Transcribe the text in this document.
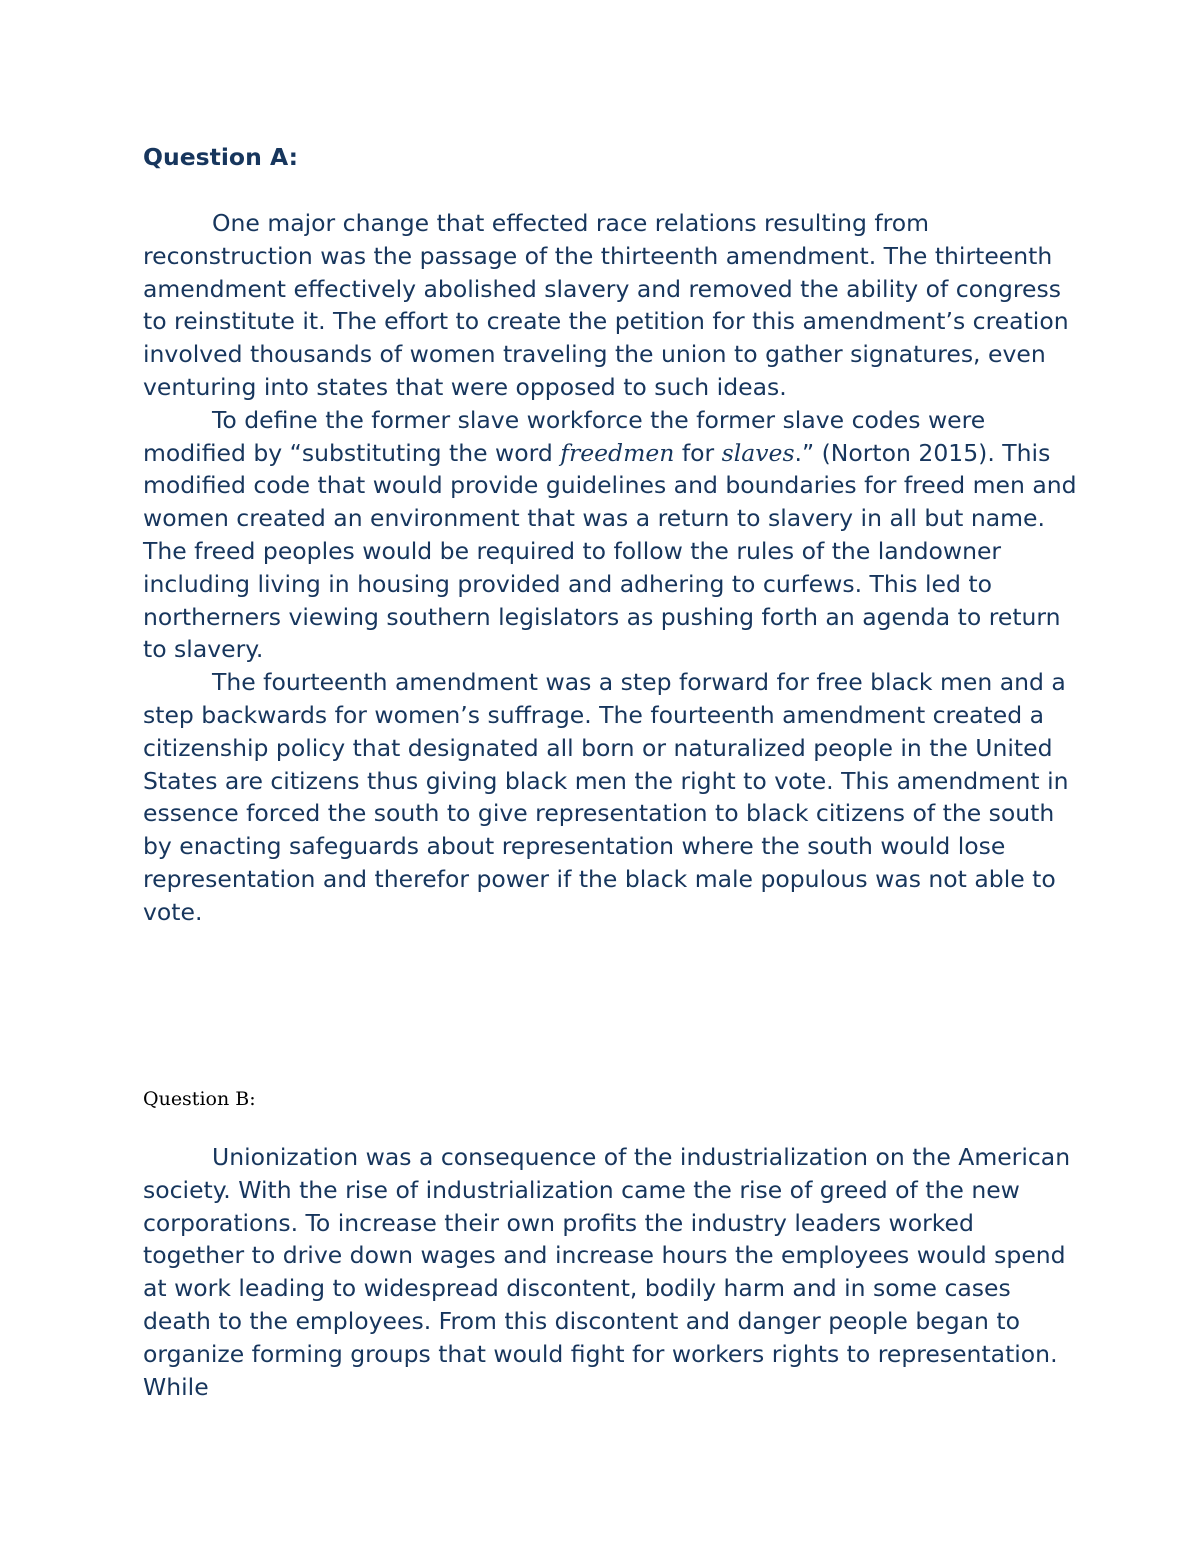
Question A:

One major change that effected race relations resulting from reconstruction was the passage of the thirteenth amendment. The thirteenth amendment effectively abolished slavery and removed the ability of congress to reinstitute it. The effort to create the petition for this amendment’s creation involved thousands of women traveling the union to gather signatures, even venturing into states that were opposed to such ideas.

To define the former slave workforce the former slave codes were modified by “substituting the word freedmen for slaves.” (Norton 2015). This modified code that would provide guidelines and boundaries for freed men and women created an environment that was a return to slavery in all but name. The freed peoples would be required to follow the rules of the landowner including living in housing provided and adhering to curfews. This led to northerners viewing southern legislators as pushing forth an agenda to return to slavery.

The fourteenth amendment was a step forward for free black men and a step backwards for women’s suffrage. The fourteenth amendment created a citizenship policy that designated all born or naturalized people in the United States are citizens thus giving black men the right to vote. This amendment in essence forced the south to give representation to black citizens of the south by enacting safeguards about representation where the south would lose representation and therefor power if the black male populous was not able to vote.

Question B:

Unionization was a consequence of the industrialization on the American society. With the rise of industrialization came the rise of greed of the new corporations. To increase their own profits the industry leaders worked together to drive down wages and increase hours the employees would spend at work leading to widespread discontent, bodily harm and in some cases death to the employees. From this discontent and danger people began to organize forming groups that would fight for workers rights to representation. While
